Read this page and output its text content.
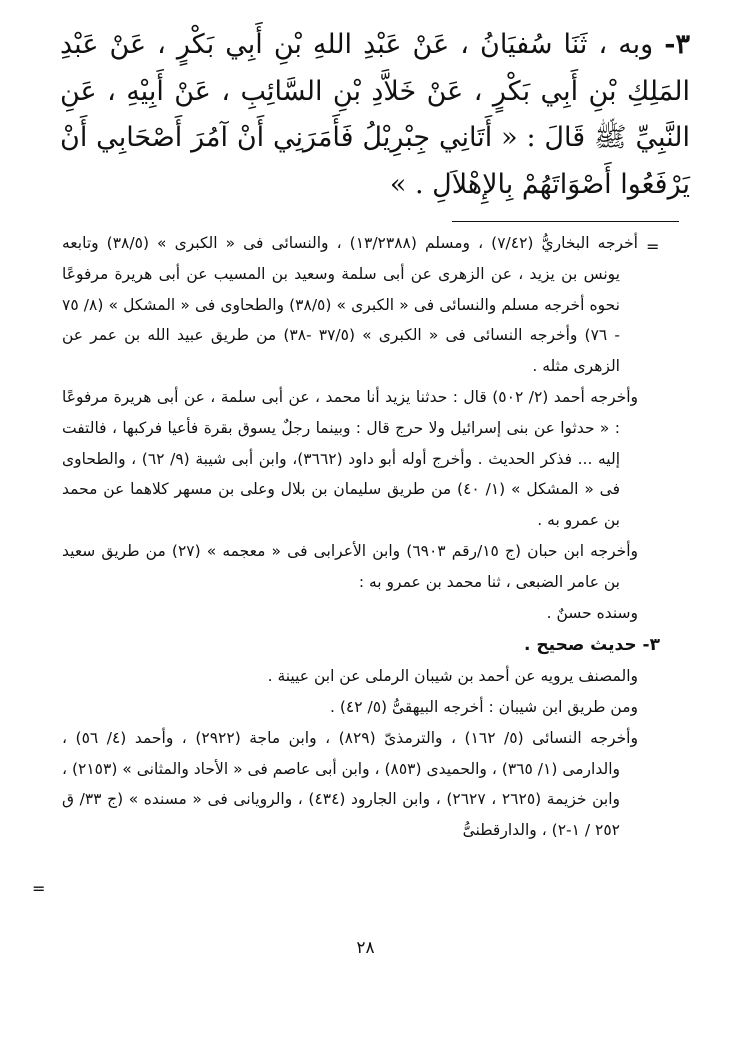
٣- وبه ، ثَنَا سُفيَانُ ، عَنْ عَبْدِ اللهِ بْنِ أَبِي بَكْرٍ ، عَنْ عَبْدِ المَلِكِ بْنِ أَبِي بَكْرٍ ، عَنْ خَلاَّدِ بْنِ السَّائِبِ ، عَنْ أَبِيْهِ ، عَنِ النَّبِيِّ ﷺ قَالَ : « أَتَانِي جِبْرِيْلُ فَأَمَرَنِي أَنْ آمُرَ أَصْحَابِي أَنْ يَرْفَعُوا أَصْوَاتَهُمْ بِالإِهْلاَلِ . »
=

أخرجه البخاريُّ (٧/٤٢) ، ومسلم (١٣/٢٣٨٨) ، والنسائى فى « الكبرى » (٣٨/٥) وتابعه يونس بن يزيد ، عن الزهرى عن أبى سلمة وسعيد بن المسيب عن أبى هريرة مرفوعًا نحوه أخرجه مسلم والنسائى فى « الكبرى » (٣٨/٥) والطحاوى فى « المشكل » (٨/ ٧٥ - ٧٦) وأخرجه النسائى فى « الكبرى » (٣٧/٥ -٣٨) من طريق عبيد الله بن عمر عن الزهرى مثله .

وأخرجه أحمد (٢/ ٥٠٢) قال : حدثنا يزيد أنا محمد ، عن أبى سلمة ، عن أبى هريرة مرفوعًا : « حدثوا عن بنى إسرائيل ولا حرج قال : وبينما رجلٌ يسوق بقرة فأعيا فركبها ، فالتفت إليه ... فذكر الحديث . وأخرج أوله أبو داود (٣٦٦٢)، وابن أبى شيبة (٩/ ٦٢) ، والطحاوى فى « المشكل » (١/ ٤٠) من طريق سليمان بن بلال وعلى بن مسهر كلاهما عن محمد بن عمرو به .

وأخرجه ابن حبان (ج ١٥/رقم ٦٩٠٣) وابن الأعرابى فى « معجمه » (٢٧) من طريق سعيد بن عامر الضبعى ، ثنا محمد بن عمرو به :

وسنده حسنٌ .

٣- حديث صحيح .

والمصنف يرويه عن أحمد بن شيبان الرملى عن ابن عيينة .

ومن طريق ابن شيبان : أخرجه البيهقىُّ (٥/ ٤٢) .

وأخرجه النسائى (٥/ ١٦٢) ، والترمذىّ (٨٢٩) ، وابن ماجة (٢٩٢٢) ، وأحمد (٤/ ٥٦) ، والدارمى (١/ ٣٦٥) ، والحميدى (٨٥٣) ، وابن أبى عاصم فى « الأحاد والمثانى » (٢١٥٣) ، وابن خزيمة (٢٦٢٥ ، ٢٦٢٧) ، وابن الجارود (٤٣٤) ، والرويانى فى « مسنده » (ج ٣٣/ ق ٢٥٢ / ١-٢) ، والدارقطنىُّ

=
٢٨
